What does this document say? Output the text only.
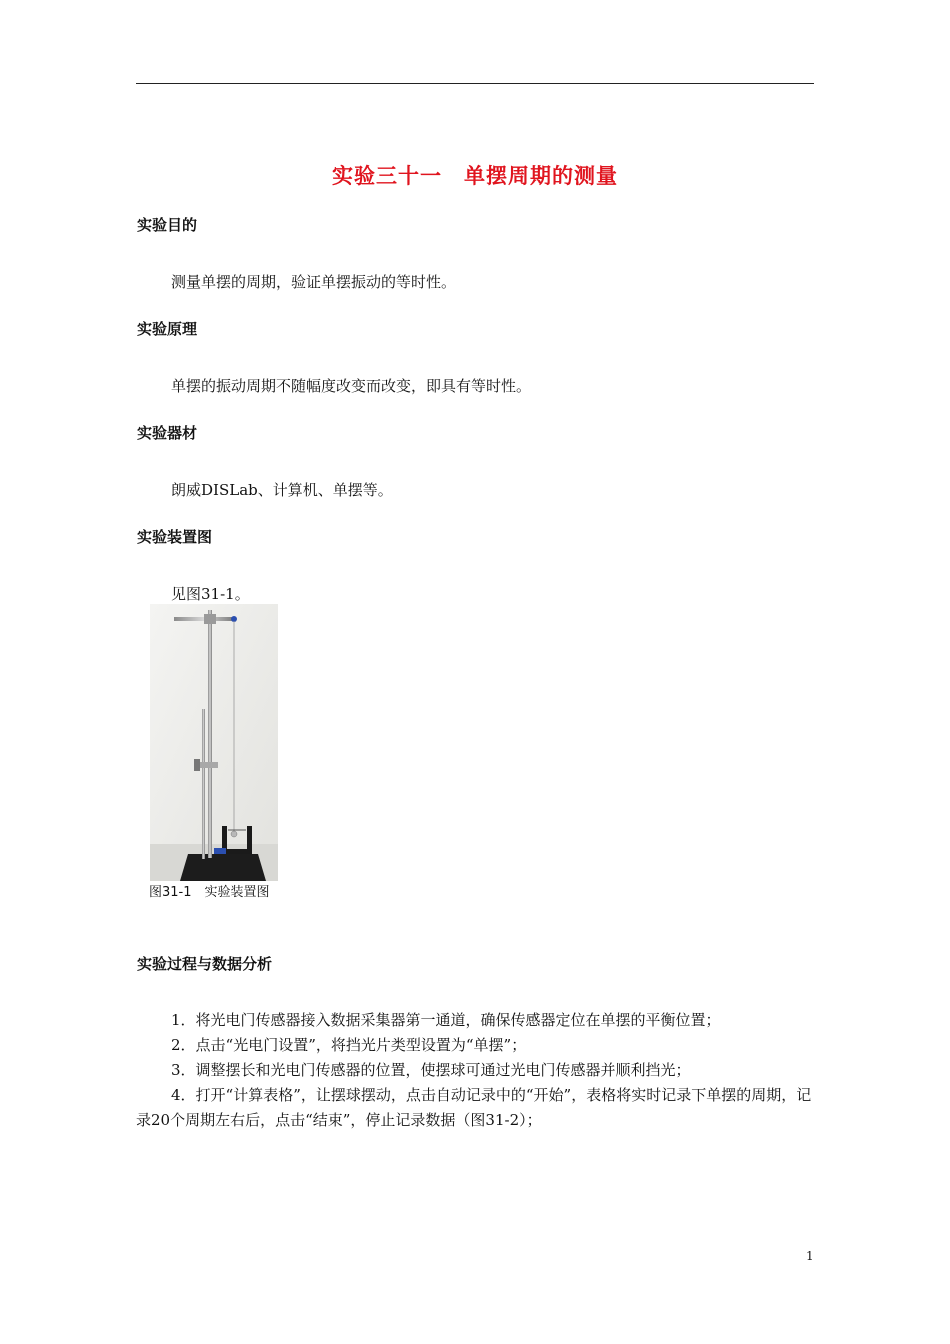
实验三十一　单摆周期的测量
实验目的
测量单摆的周期，验证单摆振动的等时性。
实验原理
单摆的振动周期不随幅度改变而改变，即具有等时性。
实验器材
朗威DISLab、计算机、单摆等。
实验装置图
见图31-1。
图31-1　实验装置图
实验过程与数据分析
1．将光电门传感器接入数据采集器第一通道，确保传感器定位在单摆的平衡位置；
2．点击“光电门设置”，将挡光片类型设置为“单摆”；
3．调整摆长和光电门传感器的位置，使摆球可通过光电门传感器并顺利挡光；
4．打开“计算表格”，让摆球摆动，点击自动记录中的“开始”，表格将实时记录下单摆的周期，记录20个周期左右后，点击“结束”，停止记录数据（图31-2）；
1
